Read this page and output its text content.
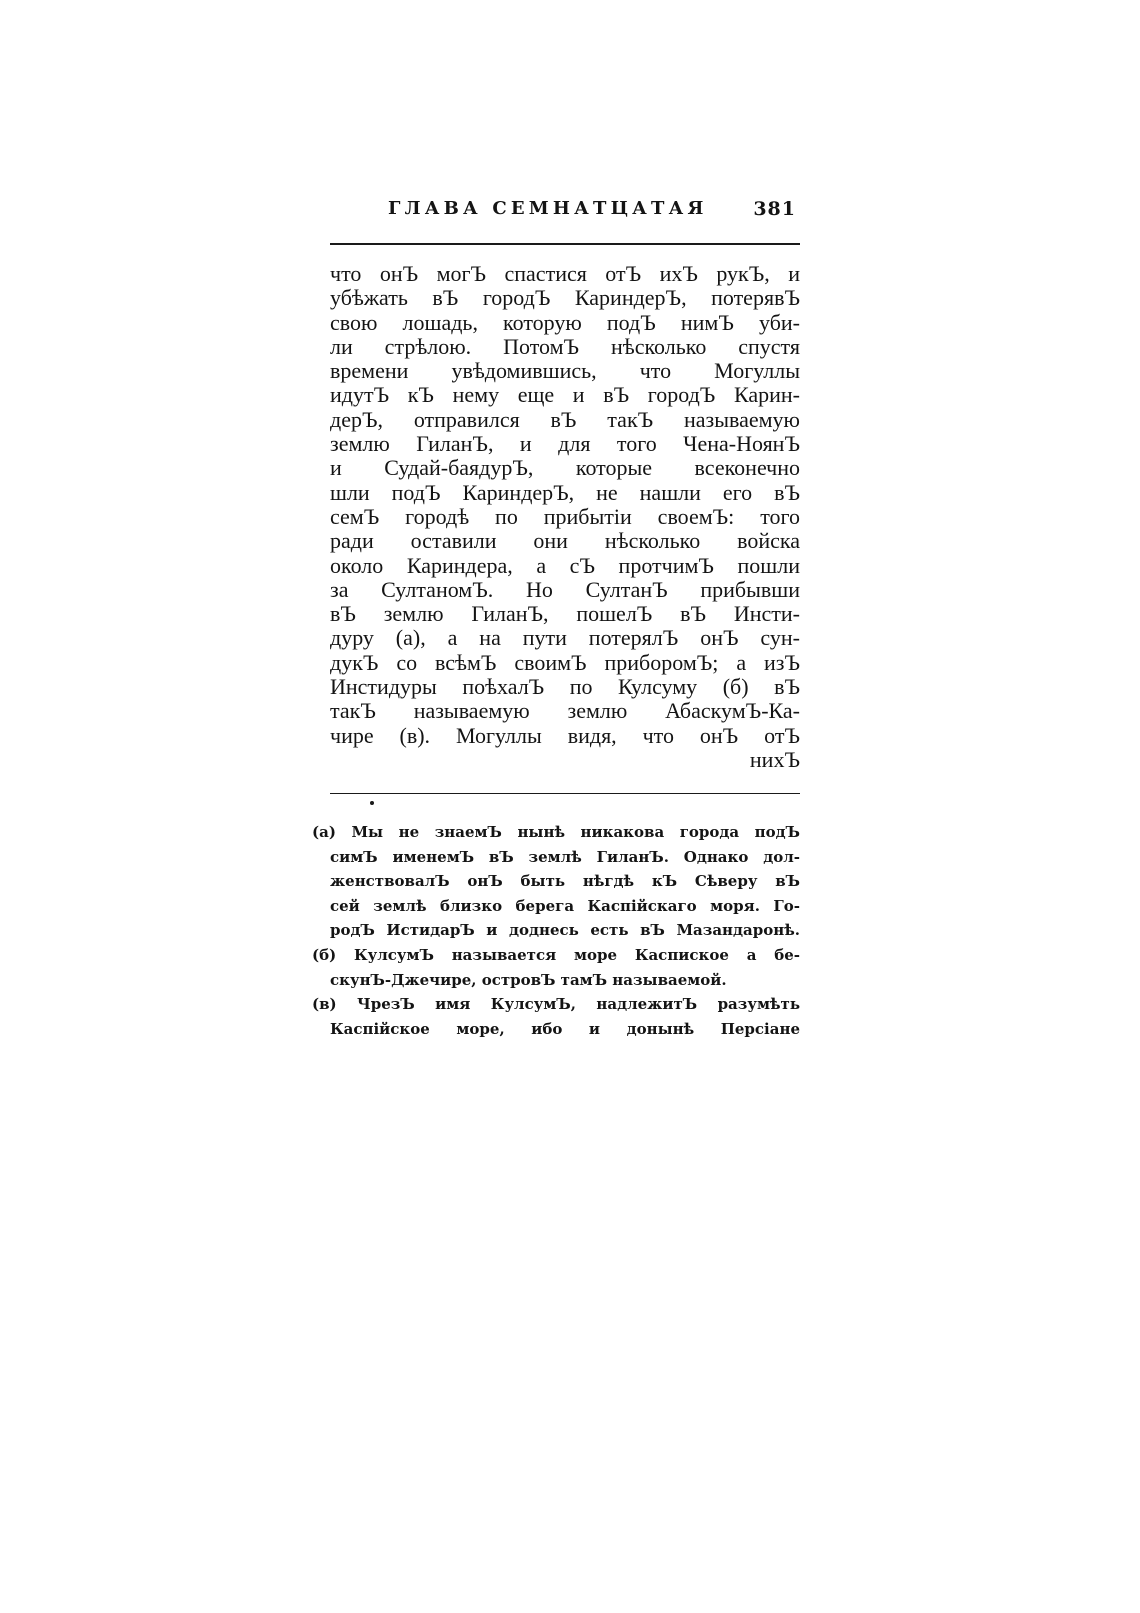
ГЛАВА СЕМНАТЦАТАЯ 381
что онЪ могЪ спастися отЪ ихЪ рукЪ, и
убѣжать вЪ городЪ КариндерЪ, потерявЪ
свою лошадь, которую подЪ нимЪ уби-
ли стрѣлою. ПотомЪ нѣсколько спустя
времени увѣдомившись, что Могуллы
идутЪ кЪ нему еще и вЪ городЪ Карин-
дерЪ, отправился вЪ такЪ называемую
землю ГиланЪ, и для того Чена-НоянЪ
и Судай-баядурЪ, которые всеконечно
шли подЪ КариндерЪ, не нашли его вЪ
семЪ городѣ по прибытіи своемЪ: того
ради оставили они нѣсколько войска
около Кариндера, а сЪ протчимЪ пошли
за СултаномЪ. Но СултанЪ прибывши
вЪ землю ГиланЪ, пошелЪ вЪ Инсти-
дуру (а), а на пути потерялЪ онЪ сун-
дукЪ со всѣмЪ своимЪ приборомЪ; а изЪ
Инстидуры поѣхалЪ по Кулсуму (б) вЪ
такЪ называемую землю АбаскумЪ-Ка-
чире (в). Могуллы видя, что онЪ отЪ
нихЪ
(а) Мы не знаемЪ нынѣ никакова города подЪ
симЪ именемЪ вЪ землѣ ГиланЪ. Однако дол-
женствовалЪ онЪ быть нѣгдѣ кЪ Сѣверу вЪ
сей землѣ близко берега Каспійскаго моря. Го-
родЪ ИстидарЪ и доднесь есть вЪ Мазандаронѣ.
(б) КулсумЪ называется море Каспиское а бе-
скунЪ-Джечире, островЪ тамЪ называемой.
(в) ЧрезЪ имя КулсумЪ, надлежитЪ разумѣть
Каспійское море, ибо и донынѣ Персіане
